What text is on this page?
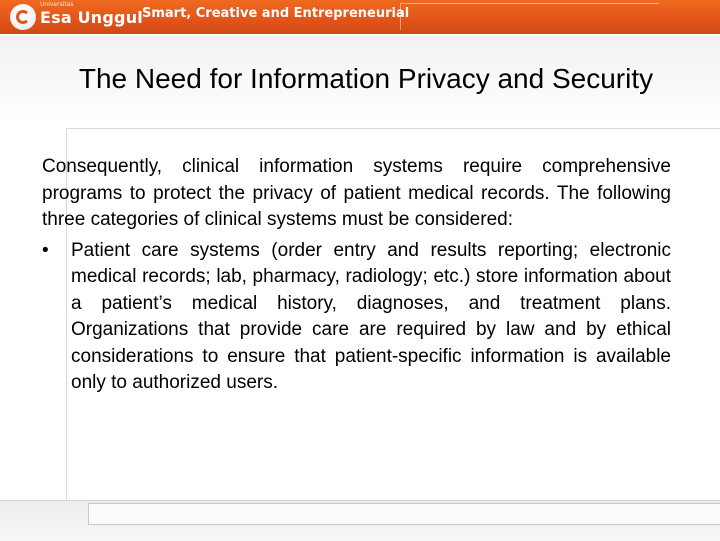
Esa Unggul
Universitas
Smart, Creative and Entrepreneurial
The Need for Information Privacy and Security

Consequently, clinical information systems require comprehensive programs to protect the privacy of patient medical records. The following three categories of clinical systems must be considered:

• Patient care systems (order entry and results reporting; electronic medical records; lab, pharmacy, radiology; etc.) store information about a patient’s medical history, diagnoses, and treatment plans. Organizations that provide care are required by law and by ethical considerations to ensure that patient-specific information is available only to authorized users.
